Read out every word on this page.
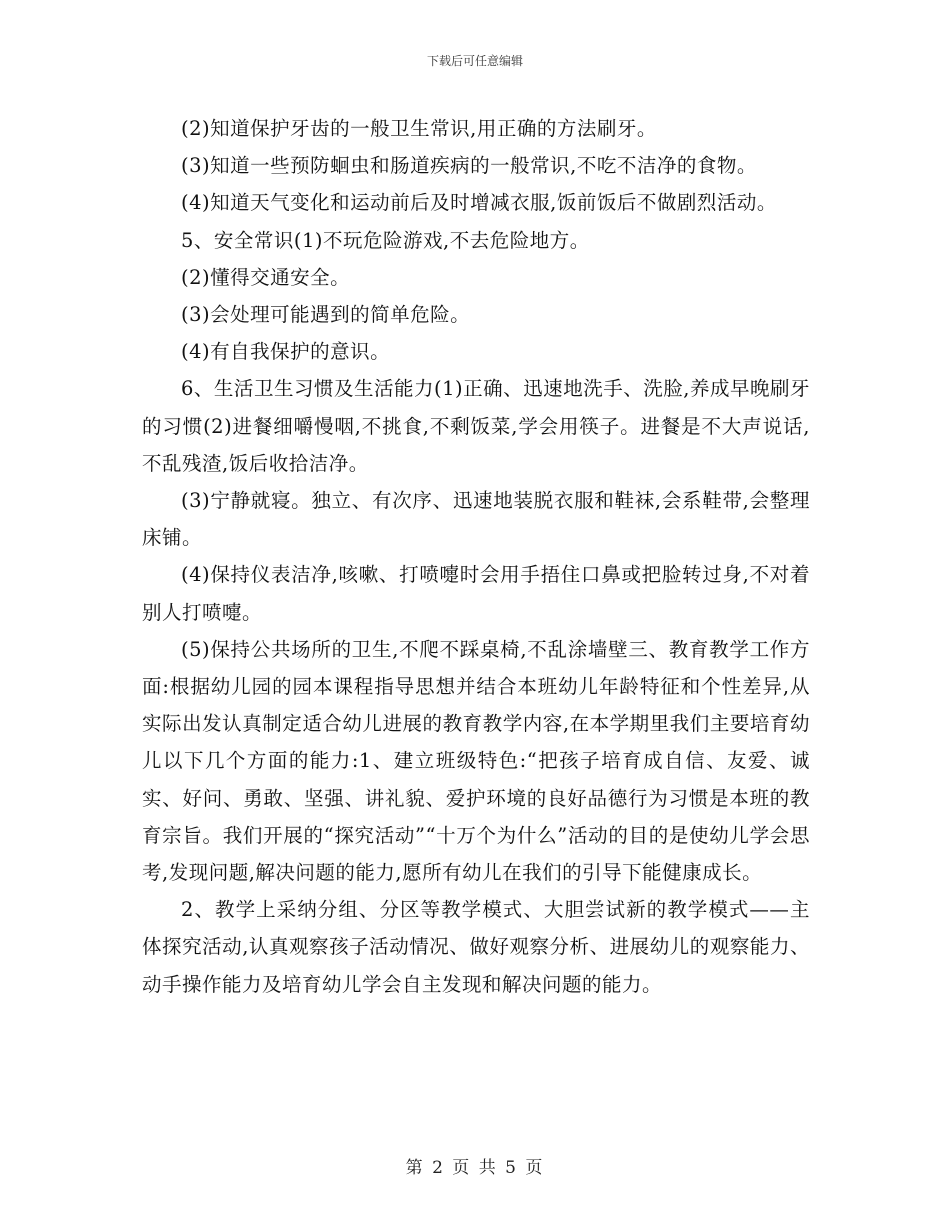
下载后可任意编辑

(2)知道保护牙齿的一般卫生常识,用正确的方法刷牙。

(3)知道一些预防蛔虫和肠道疾病的一般常识,不吃不洁净的食物。

(4)知道天气变化和运动前后及时增减衣服,饭前饭后不做剧烈活动。

5、安全常识(1)不玩危险游戏,不去危险地方。

(2)懂得交通安全。

(3)会处理可能遇到的简单危险。

(4)有自我保护的意识。

6、生活卫生习惯及生活能力(1)正确、迅速地洗手、洗脸,养成早晚刷牙的习惯(2)进餐细嚼慢咽,不挑食,不剩饭菜,学会用筷子。进餐是不大声说话,不乱残渣,饭后收拾洁净。

(3)宁静就寝。独立、有次序、迅速地装脱衣服和鞋袜,会系鞋带,会整理床铺。

(4)保持仪表洁净,咳嗽、打喷嚏时会用手捂住口鼻或把脸转过身,不对着别人打喷嚏。

(5)保持公共场所的卫生,不爬不踩桌椅,不乱涂墙壁三、教育教学工作方面:根据幼儿园的园本课程指导思想并结合本班幼儿年龄特征和个性差异,从实际出发认真制定适合幼儿进展的教育教学内容,在本学期里我们主要培育幼儿以下几个方面的能力:1、建立班级特色:“把孩子培育成自信、友爱、诚实、好问、勇敢、坚强、讲礼貌、爱护环境的良好品德行为习惯是本班的教育宗旨。我们开展的“探究活动”“十万个为什么”活动的目的是使幼儿学会思考,发现问题,解决问题的能力,愿所有幼儿在我们的引导下能健康成长。

2、教学上采纳分组、分区等教学模式、大胆尝试新的教学模式——主体探究活动,认真观察孩子活动情况、做好观察分析、进展幼儿的观察能力、动手操作能力及培育幼儿学会自主发现和解决问题的能力。

第 2 页 共 5 页
